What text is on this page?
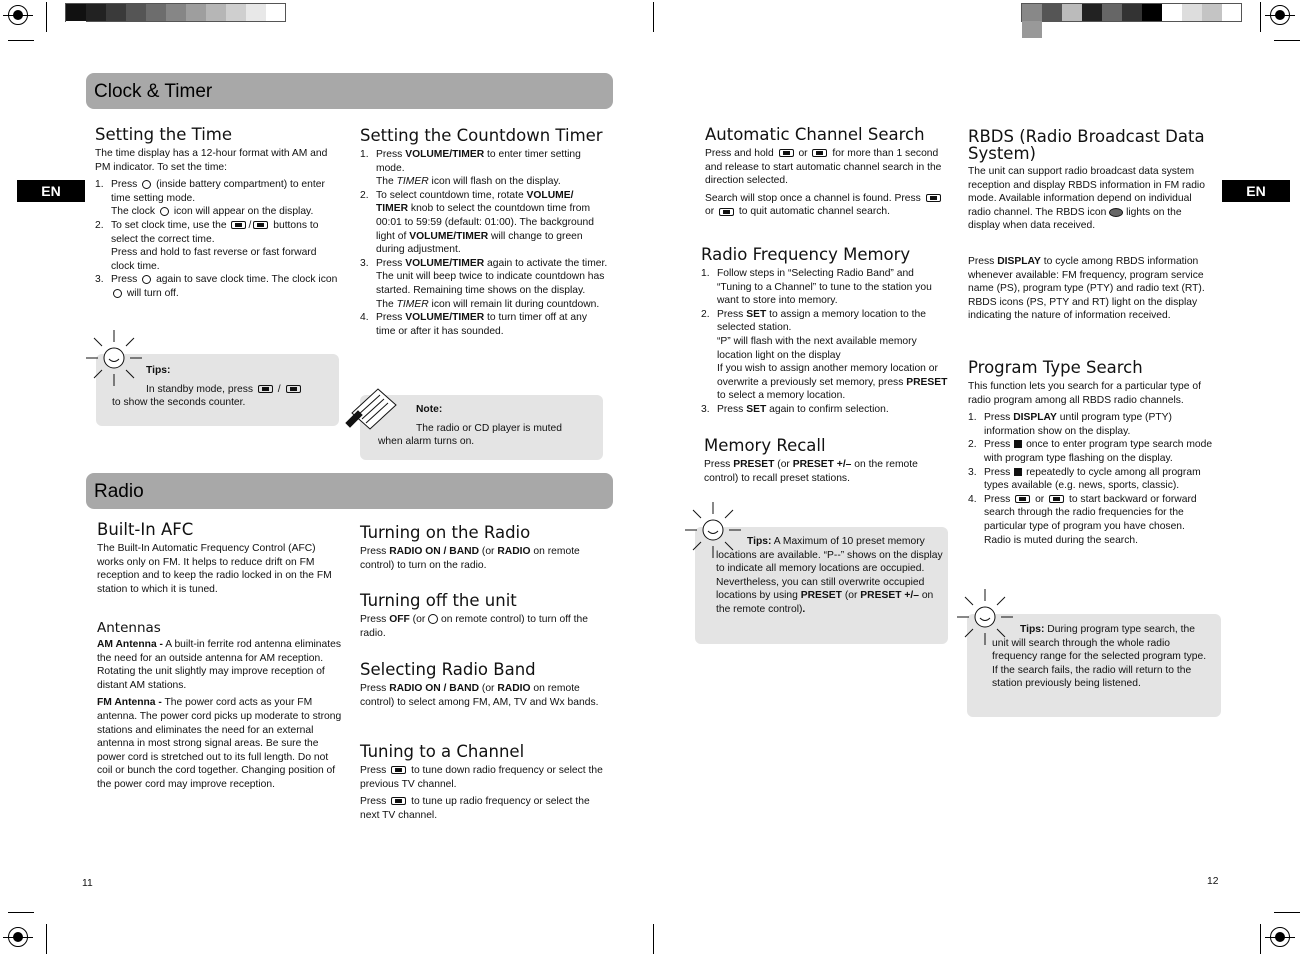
EN	EN
Clock & Timer
Setting the Time

The time display has a 12-hour format with AM and PM indicator. To set the time:

1. Press (inside battery compartment) to enter time setting mode.
The clock icon will appear on the display.
2. To set clock time, use the / buttons to select the correct time.
Press and hold to fast reverse or fast forward clock time.
3. Press again to save clock time. The clock icon  will turn off.
Tips:
In standby mode, press  /
to show the seconds counter.
Setting the Countdown Timer
1. Press VOLUME/TIMER to enter timer setting mode.
The TIMER icon will flash on the display.
2. To select countdown time, rotate VOLUME/ TIMER knob to select the countdown time from 00:01 to 59:59 (default: 01:00). The background light of VOLUME/TIMER will change to green during adjustment.
3. Press VOLUME/TIMER again to activate the timer. The unit will beep twice to indicate countdown has started. Remaining time shows on the display.
The TIMER icon will remain lit during countdown.
4. Press VOLUME/TIMER to turn timer off at any time or after it has sounded.
Note:
The radio or CD player is muted
when alarm turns on.
Radio
Built-In AFC

The Built-In Automatic Frequency Control (AFC) works only on FM. It helps to reduce drift on FM reception and to keep the radio locked in on the FM station to which it is tuned.

Antennas

AM Antenna - A built-in ferrite rod antenna eliminates the need for an outside antenna for AM reception. Rotating the unit slightly may improve reception of distant AM stations.

FM Antenna - The power cord acts as your FM antenna. The power cord picks up moderate to strong stations and eliminates the need for an external antenna in most strong signal areas. Be sure the power cord is stretched out to its full length. Do not coil or bunch the cord together. Changing position of the power cord may improve reception.

Turning on the Radio

Press RADIO ON / BAND (or RADIO on remote control) to turn on the radio.

Turning off the unit

Press OFF (or on remote control) to turn off the radio.

Selecting Radio Band

Press RADIO ON / BAND (or RADIO on remote control) to select among FM, AM, TV and Wx bands.

Tuning to a Channel

Press to tune down radio frequency or select the previous TV channel.

Press to tune up radio frequency or select the next TV channel.

11
Automatic Channel Search

Press and hold or for more than 1 second and release to start automatic channel search in the direction selected.

Search will stop once a channel is found. Press  or to quit automatic channel search.

Radio Frequency Memory
1. Follow steps in “Selecting Radio Band” and “Tuning to a Channel” to tune to the station you want to store into memory.
2. Press SET to assign a memory location to the selected station.
“P” will flash with the next available memory location light on the display
If you wish to assign another memory location or overwrite a previously set memory, press PRESET to select a memory location.
3. Press SET again to confirm selection.
Memory Recall

Press PRESET (or PRESET +/– on the remote control) to recall preset stations.

Tips: A Maximum of 10 preset memory locations are available. “P--” shows on the display to indicate all memory locations are occupied. Nevertheless, you can still overwrite occupied locations by using PRESET (or PRESET +/– on the remote control).
RBDS (Radio Broadcast Data System)

The unit can support radio broadcast data system reception and display RBDS information in FM radio mode. Available information depend on individual radio channel. The RBDS icon lights on the display when data received.

Press DISPLAY to cycle among RBDS information whenever available: FM frequency, program service name (PS), program type (PTY) and radio text (RT). RBDS icons (PS, PTY and RT) light on the display indicating the nature of information received.

Program Type Search

This function lets you search for a particular type of radio program among all RBDS radio channels.

1. Press DISPLAY until program type (PTY) information show on the display.
2. Press once to enter program type search mode with program type flashing on the display.
3. Press repeatedly to cycle among all program types available (e.g. news, sports, classic).
4. Press or to start backward or forward search through the radio frequencies for the particular type of program you have chosen. Radio is muted during the search.
Tips: During program type search, the unit will search through the whole radio frequency range for the selected program type. If the search fails, the radio will return to the station previously being listened.
12
